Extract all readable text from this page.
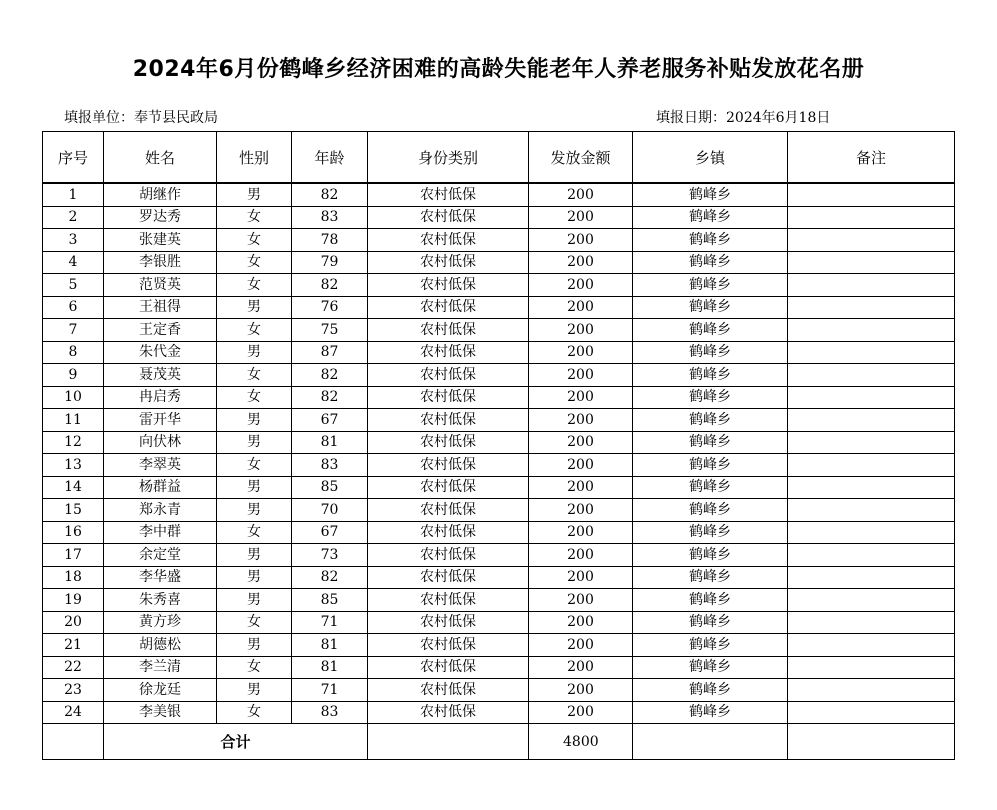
2024年6月份鹤峰乡经济困难的高龄失能老年人养老服务补贴发放花名册
填报单位：奉节县民政局	填报日期：2024年6月18日
序号	姓名	性别	年龄	身份类别	发放金额	乡镇	备注
1	胡继作	男	82	农村低保	200	鹤峰乡	
2	罗达秀	女	83	农村低保	200	鹤峰乡	
3	张建英	女	78	农村低保	200	鹤峰乡	
4	李银胜	女	79	农村低保	200	鹤峰乡	
5	范贤英	女	82	农村低保	200	鹤峰乡	
6	王祖得	男	76	农村低保	200	鹤峰乡	
7	王定香	女	75	农村低保	200	鹤峰乡	
8	朱代金	男	87	农村低保	200	鹤峰乡	
9	聂茂英	女	82	农村低保	200	鹤峰乡	
10	冉启秀	女	82	农村低保	200	鹤峰乡	
11	雷开华	男	67	农村低保	200	鹤峰乡	
12	向伏林	男	81	农村低保	200	鹤峰乡	
13	李翠英	女	83	农村低保	200	鹤峰乡	
14	杨群益	男	85	农村低保	200	鹤峰乡	
15	郑永青	男	70	农村低保	200	鹤峰乡	
16	李中群	女	67	农村低保	200	鹤峰乡	
17	余定堂	男	73	农村低保	200	鹤峰乡	
18	李华盛	男	82	农村低保	200	鹤峰乡	
19	朱秀喜	男	85	农村低保	200	鹤峰乡	
20	黄方珍	女	71	农村低保	200	鹤峰乡	
21	胡德松	男	81	农村低保	200	鹤峰乡	
22	李兰清	女	81	农村低保	200	鹤峰乡	
23	徐龙廷	男	71	农村低保	200	鹤峰乡	
24	李美银	女	83	农村低保	200	鹤峰乡	
	合计				4800		
